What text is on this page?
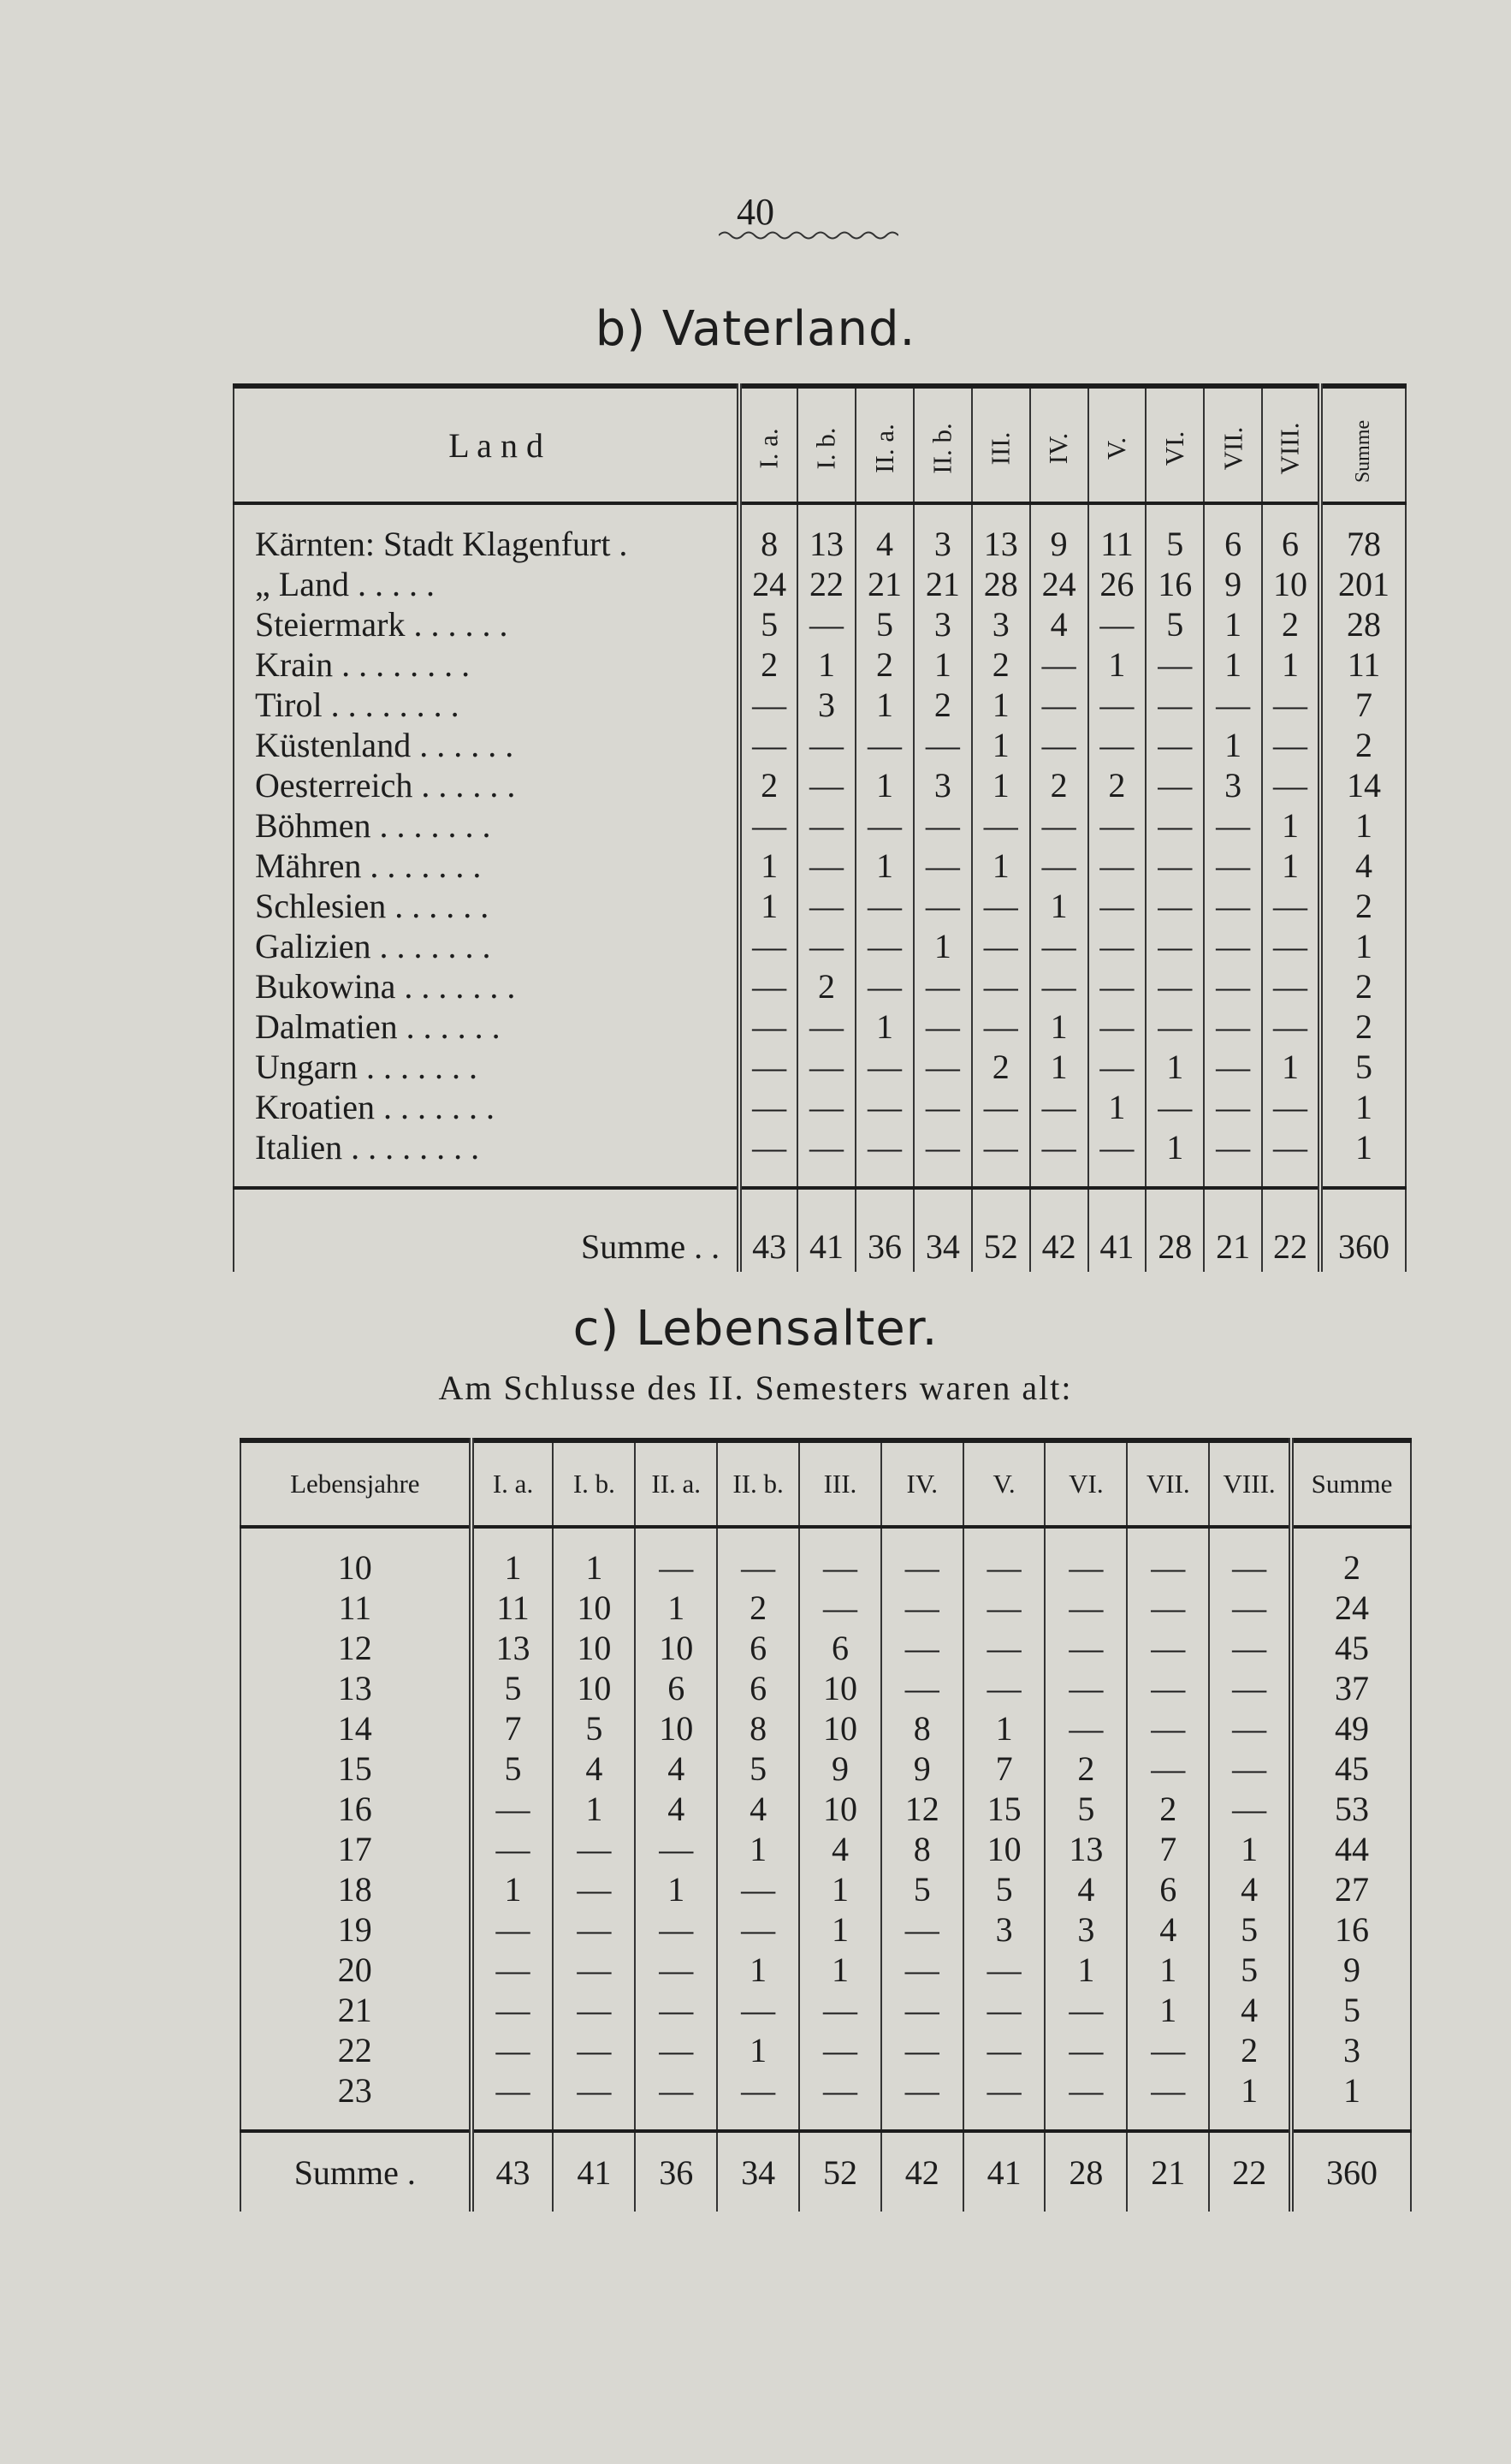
40
b) Vaterland.
L a n d	I. a.	I. b.	II. a.	II. b.	III.	IV.	V.	VI.	VII.	VIII.	Summe

Kärnten: Stadt Klagenfurt .	8	13	4	3	13	9	11	5	6	6	78
„ Land . . . . .	24	22	21	21	28	24	26	16	9	10	201
Steiermark . . . . . .	5	—	5	3	3	4	—	5	1	2	28
Krain . . . . . . . .	2	1	2	1	2	—	1	—	1	1	11
Tirol . . . . . . . .	—	3	1	2	1	—	—	—	—	—	7
Küstenland . . . . . .	—	—	—	—	1	—	—	—	1	—	2
Oesterreich . . . . . .	2	—	1	3	1	2	2	—	3	—	14
Böhmen . . . . . . .	—	—	—	—	—	—	—	—	—	1	1
Mähren . . . . . . .	1	—	1	—	1	—	—	—	—	1	4
Schlesien . . . . . .	1	—	—	—	—	1	—	—	—	—	2
Galizien . . . . . . .	—	—	—	1	—	—	—	—	—	—	1
Bukowina . . . . . . .	—	2	—	—	—	—	—	—	—	—	2
Dalmatien . . . . . .	—	—	1	—	—	1	—	—	—	—	2
Ungarn . . . . . . .	—	—	—	—	2	1	—	1	—	1	5
Kroatien . . . . . . .	—	—	—	—	—	—	1	—	—	—	1
Italien . . . . . . . .	—	—	—	—	—	—	—	1	—	—	1

Summe . .	43	41	36	34	52	42	41	28	21	22	360
c) Lebensalter.
Am Schlusse des II. Semesters waren alt:
Lebensjahre	I. a.	I. b.	II. a.	II. b.	III.	IV.	V.	VI.	VII.	VIII.	Summe

10	1	1	—	—	—	—	—	—	—	—	2
11	11	10	1	2	—	—	—	—	—	—	24
12	13	10	10	6	6	—	—	—	—	—	45
13	5	10	6	6	10	—	—	—	—	—	37
14	7	5	10	8	10	8	1	—	—	—	49
15	5	4	4	5	9	9	7	2	—	—	45
16	—	1	4	4	10	12	15	5	2	—	53
17	—	—	—	1	4	8	10	13	7	1	44
18	1	—	1	—	1	5	5	4	6	4	27
19	—	—	—	—	1	—	3	3	4	5	16
20	—	—	—	1	1	—	—	1	1	5	9
21	—	—	—	—	—	—	—	—	1	4	5
22	—	—	—	1	—	—	—	—	—	2	3
23	—	—	—	—	—	—	—	—	—	1	1

Summe .	43	41	36	34	52	42	41	28	21	22	360
